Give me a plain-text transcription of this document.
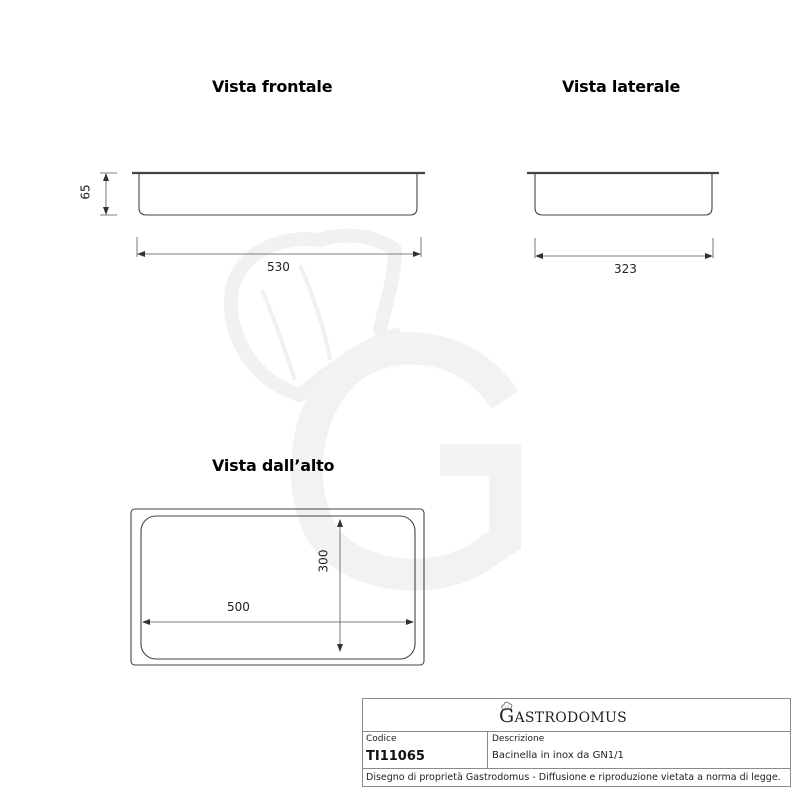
Vista frontale	Vista laterale
Vista dall’alto
65
530	323
500
300
GASTRODOMUS
Codice
TI11065
Descrizione
Bacinella in inox da GN1/1
Disegno di proprietà Gastrodomus - Diffusione e riproduzione vietata a norma di legge.
